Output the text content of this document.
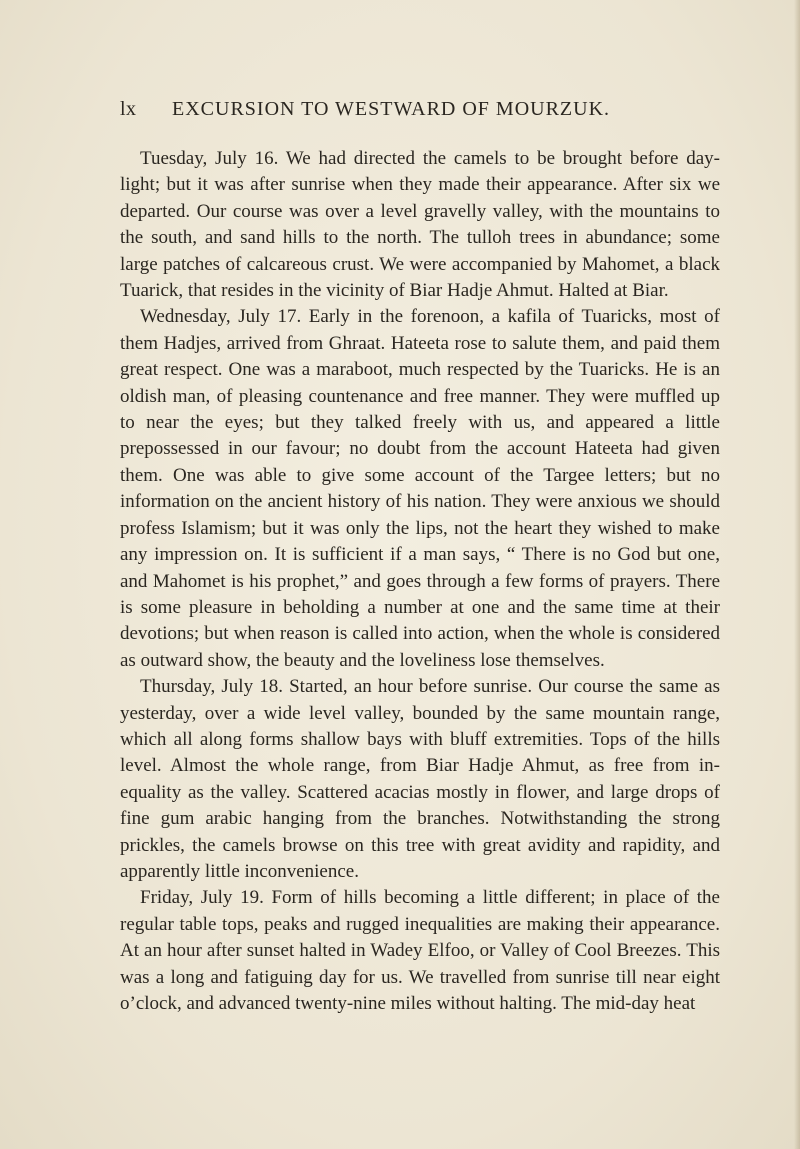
lx EXCURSION TO WESTWARD OF MOURZUK.

Tuesday, July 16. We had directed the camels to be brought before day-light; but it was after sunrise when they made their appearance. After six we departed. Our course was over a level gravelly valley, with the mountains to the south, and sand hills to the north. The tulloh trees in abundance; some large patches of calcareous crust. We were accompanied by Mahomet, a black Tuarick, that resides in the vicinity of Biar Hadje Ahmut. Halted at Biar.

Wednesday, July 17. Early in the forenoon, a kafila of Tuaricks, most of them Hadjes, arrived from Ghraat. Hateeta rose to salute them, and paid them great respect. One was a maraboot, much respected by the Tuaricks. He is an oldish man, of pleasing countenance and free manner. They were muffled up to near the eyes; but they talked freely with us, and appeared a little prepossessed in our favour; no doubt from the account Hateeta had given them. One was able to give some account of the Targee letters; but no information on the ancient history of his nation. They were anxious we should profess Islamism; but it was only the lips, not the heart they wished to make any impression on. It is sufficient if a man says, “ There is no God but one, and Mahomet is his prophet,” and goes through a few forms of prayers. There is some pleasure in beholding a number at one and the same time at their devotions; but when reason is called into action, when the whole is considered as outward show, the beauty and the loveliness lose themselves.

Thursday, July 18. Started, an hour before sunrise. Our course the same as yesterday, over a wide level valley, bounded by the same mountain range, which all along forms shallow bays with bluff extremities. Tops of the hills level. Almost the whole range, from Biar Hadje Ahmut, as free from in-equality as the valley. Scattered acacias mostly in flower, and large drops of fine gum arabic hanging from the branches. Notwithstanding the strong prickles, the camels browse on this tree with great avidity and rapidity, and apparently little inconvenience.

Friday, July 19. Form of hills becoming a little different; in place of the regular table tops, peaks and rugged inequalities are making their appearance. At an hour after sunset halted in Wadey Elfoo, or Valley of Cool Breezes. This was a long and fatiguing day for us. We travelled from sunrise till near eight o’clock, and advanced twenty-nine miles without halting. The mid-day heat
